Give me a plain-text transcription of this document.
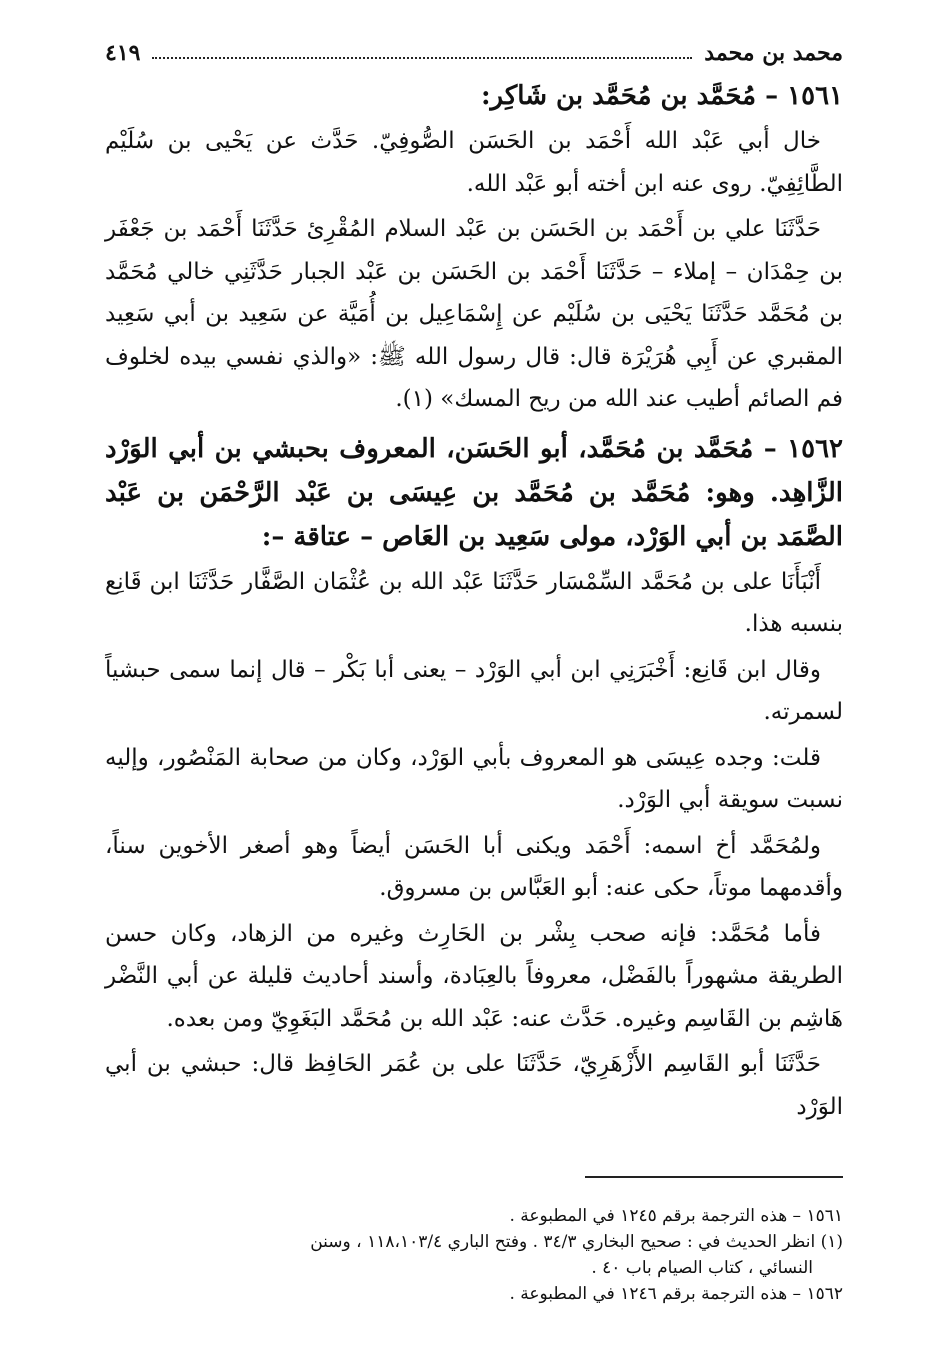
محمد بن محمد
٤١٩
١٥٦١ – مُحَمَّد بن مُحَمَّد بن شَاكِر:

خال أبي عَبْد الله أَحْمَد بن الحَسَن الصُّوفِيّ. حَدَّث عن يَحْيى بن سُلَيْم الطَّائِفِيّ. روى عنه ابن أخته أبو عَبْد الله.

حَدَّثَنَا علي بن أَحْمَد بن الحَسَن بن عَبْد السلام المُقْرِئ حَدَّثَنَا أَحْمَد بن جَعْفَر بن حِمْدَان – إملاء – حَدَّثَنَا أَحْمَد بن الحَسَن بن عَبْد الجبار حَدَّثَنِي خالي مُحَمَّد بن مُحَمَّد حَدَّثَنَا يَحْيَى بن سُلَيْم عن إِسْمَاعِيل بن أُمَيَّة عن سَعِيد بن أبي سَعِيد المقبري عن أَبِي هُرَيْرَة قال: قال رسول الله ﷺ: «والذي نفسي بيده لخلوف فم الصائم أطيب عند الله من ريح المسك» (١).

١٥٦٢ – مُحَمَّد بن مُحَمَّد، أبو الحَسَن، المعروف بحبشي بن أبي الوَرْد الزَّاهِد. وهو: مُحَمَّد بن مُحَمَّد بن عِيسَى بن عَبْد الرَّحْمَن بن عَبْد الصَّمَد بن أبي الوَرْد، مولى سَعِيد بن العَاص – عتاقة –:

أَنْبَأَنَا على بن مُحَمَّد السِّمْسَار حَدَّثَنَا عَبْد الله بن عُثْمَان الصَّفَّار حَدَّثَنَا ابن قَانِع بنسبه هذا.

وقال ابن قَانِع: أَخْبَرَنِي ابن أبي الوَرْد – يعنى أبا بَكْر – قال إنما سمى حبشياً لسمرته.

قلت: وجده عِيسَى هو المعروف بأبي الوَرْد، وكان من صحابة المَنْصُور، وإليه نسبت سويقة أبي الوَرْد.

ولمُحَمَّد أخ اسمه: أَحْمَد ويكنى أبا الحَسَن أيضاً وهو أصغر الأخوين سناً، وأقدمهما موتاً، حكى عنه: أبو العَبَّاس بن مسروق.

فأما مُحَمَّد: فإنه صحب بِشْر بن الحَارِث وغيره من الزهاد، وكان حسن الطريقة مشهوراً بالفَضْل، معروفاً بالعِبَادة، وأسند أحاديث قليلة عن أبي النَّضْر هَاشِم بن القَاسِم وغيره. حَدَّث عنه: عَبْد الله بن مُحَمَّد البَغَوِيّ ومن بعده.

حَدَّثَنَا أبو القَاسِم الأَزْهَرِيّ، حَدَّثَنَا على بن عُمَر الحَافِظ قال: حبشي بن أبي الوَرْد

١٥٦١ – هذه الترجمة برقم ١٢٤٥ في المطبوعة .

(١) انظر الحديث في : صحيح البخاري ٣٤/٣ . وفتح الباري ١١٨،١٠٣/٤ ، وسنن

النسائي ، كتاب الصيام باب ٤٠ .

١٥٦٢ – هذه الترجمة برقم ١٢٤٦ في المطبوعة .
